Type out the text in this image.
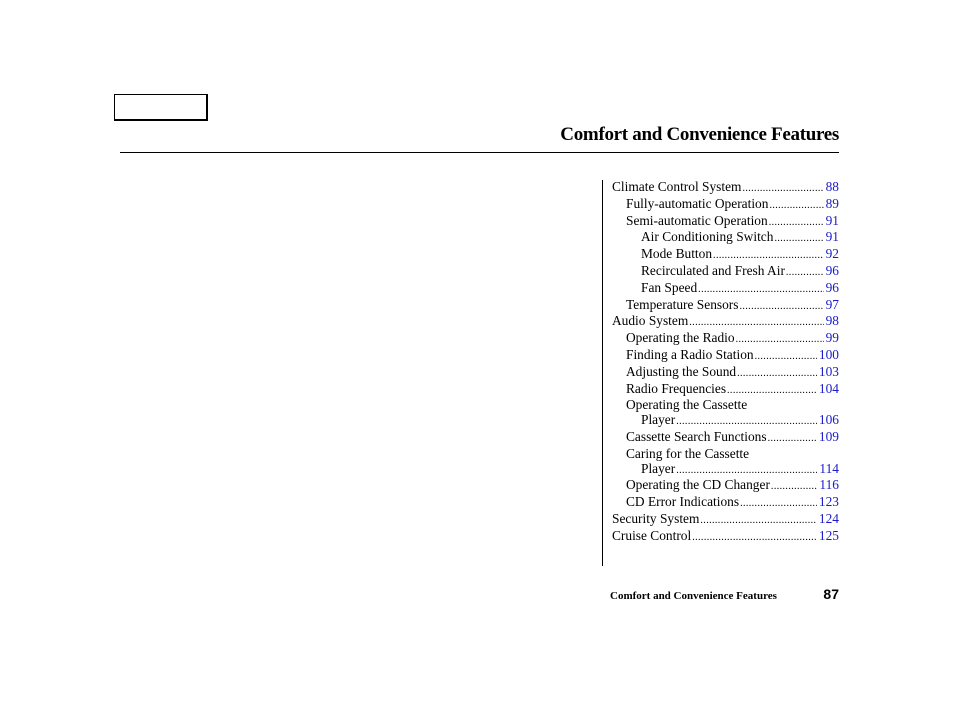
Comfort and Convenience Features
Climate Control System .....	88
Fully-automatic Operation .....	89
Semi-automatic Operation .....	91
Air Conditioning Switch .....	91
Mode Button .....	92
Recirculated and Fresh Air .....	96
Fan Speed .....	96
Temperature Sensors .....	97
Audio System .....	98
Operating the Radio .....	99
Finding a Radio Station .....	100
Adjusting the Sound .....	103
Radio Frequencies .....	104
Operating the Cassette
Player .....	106
Cassette Search Functions .....	109
Caring for the Cassette
Player .....	114
Operating the CD Changer .....	116
CD Error Indications .....	123
Security System .....	124
Cruise Control .....	125
Comfort and Convenience Features	87
